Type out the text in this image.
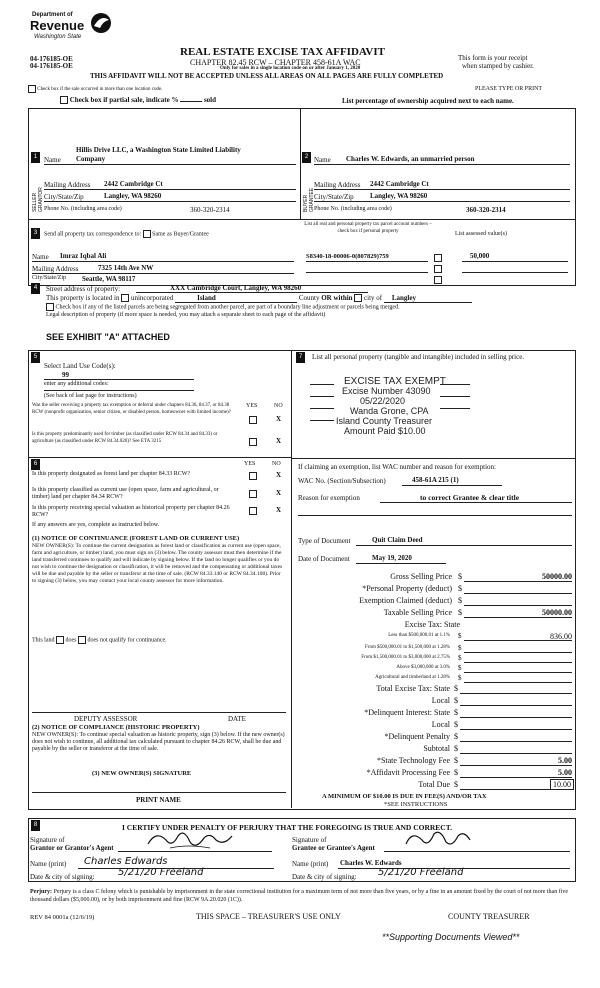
Department of
Revenue
Washington State
04-176185-OE
04-176185-OE
REAL ESTATE EXCISE TAX AFFIDAVIT
CHAPTER 82.45 RCW – CHAPTER 458-61A WAC
Only for sales in a single location code on or after January 1, 2020
This form is your receipt
when stamped by cashier.
THIS AFFIDAVIT WILL NOT BE ACCEPTED UNLESS ALL AREAS ON ALL PAGES ARE FULLY COMPLETED
Check box if the sale occurred in more than one location code.	PLEASE TYPE OR PRINT
Check box if partial sale, indicate %	sold	List percentage of ownership acquired next to each name.
1
SELLER GRANTOR
Hillis Drive LLC, a Washington State Limited Liability
Name Company
Mailing Address 2442 Cambridge Ct
City/State/Zip	Langley, WA 98260
Phone No. (including area code)	360-320-2314
2
BUYER GRANTEE
Name Charles W. Edwards, an unmarried person
Mailing Address 2442 Cambridge Ct
City/State/Zip Langley, WA 98260
Phone No. (including area code)	360-320-2314
3	Send all property tax correspondence to: Same as Buyer/Grantee
Name Imraz Iqbal Ali
Mailing Address	7325 14th Ave NW
City/State/Zip Seattle, WA 98117
List all real and personal property tax parcel account numbers – check box if personal property	List assessed value(s)
S8340-18-00006-0(807829)759	50,000
4	Street address of property:	XXX Cambridge Court, Langley, WA 98260
This property is located in unincorporated	Island	County OR within city of Langley
Check box if any of the listed parcels are being segregated from another parcel, are part of a boundary line adjustment or parcels being merged.
Legal description of property (if more space is needed, you may attach a separate sheet to each page of the affidavit)
SEE EXHIBIT "A" ATTACHED
5
Select Land Use Code(s):
99
enter any additional codes:
(See back of last page for instructions)
YES	NO
Was the seller receiving a property tax exemption or deferral under chapters 84.36, 84.37, or 84.38 RCW (nonprofit organization, senior citizen, or disabled person, homeowner with limited income)?
X
Is this property predominantly used for timber (as classified under RCW 84.34 and 84.33) or agriculture (as classified under RCW 84.34.020)? See ETA 3215	X
6	YES	NO
Is this property designated as forest land per chapter 84.33 RCW?	X
Is this property classified as current use (open space, farm and agricultural, or timber) land per chapter 84.34 RCW?	X
Is this property receiving special valuation as historical property per chapter 84.26 RCW?
X
If any answers are yes, complete as instructed below.
(1) NOTICE OF CONTINUANCE (FOREST LAND OR CURRENT USE)
NEW OWNER(S): To continue the current designation as forest land or classification as current use (open space, farm and agriculture, or timber) land, you must sign on (3) below. The county assessor must then determine if the land transferred continues to qualify and will indicate by signing below. If the land no longer qualifies or you do not wish to continue the designation or classification, it will be removed and the compensating or additional taxes will be due and payable by the seller or transferor at the time of sale. (RCW 84.33.140 or RCW 84.34.108). Prior to signing (3) below, you may contact your local county assessor for more information.
This land does does not qualify for continuance.
DEPUTY ASSESSOR	DATE
(2) NOTICE OF COMPLIANCE (HISTORIC PROPERTY)
NEW OWNER(S): To continue special valuation as historic property, sign (3) below. If the new owner(s) does not wish to continue, all additional tax calculated pursuant to chapter 84.26 RCW, shall be due and payable by the seller or transferor at the time of sale.
(3) NEW OWNER(S) SIGNATURE
PRINT NAME
7	List all personal property (tangible and intangible) included in selling price.
EXCISE TAX EXEMPT
Excise Number 43090
05/22/2020
Wanda Grone, CPA
Island County Treasurer
Amount Paid $10.00
If claiming an exemption, list WAC number and reason for exemption:
WAC No. (Section/Subsection)	458-61A 215 (1)
Reason for exemption	to correct Grantee & clear title
Type of Document	Quit Claim Deed
Date of Document	May 19, 2020
Gross Selling Price $	50000.00
*Personal Property (deduct) $
Exemption Claimed (deduct) $
Taxable Selling Price $	50000.00
Excise Tax: State
Less than $500,000.01 at 1.1% $	836.00
From $500,000.01 to $1,500,000 at 1.28% $
From $1,500,000.01 to $3,000,000 at 2.75% $
Above $3,000,000 at 3.0% $
Agricultural and timberland at 1.28% $
Total Excise Tax: State $
Local $
*Delinquent Interest: State $
Local $
*Delinquent Penalty $
Subtotal $
*State Technology Fee $	5.00
*Affidavit Processing Fee $	5.00
Total Due $	10.00
A MINIMUM OF $10.00 IS DUE IN FEE(S) AND/OR TAX
*SEE INSTRUCTIONS
8	I CERTIFY UNDER PENALTY OF PERJURY THAT THE FOREGOING IS TRUE AND CORRECT.
Signature of
Grantor or Grantor's Agent
Signature of
Grantee or Grantee's Agent
Name (print) Charles Edwards	Name (print) Charles W. Edwards
Date & city of signing: 5/21/20 Freeland	Date & city of signing: 5/21/20 Freeland
Perjury: Perjury is a class C felony which is punishable by imprisonment in the state correctional institution for a maximum term of not more than five years, or by a fine in an amount fixed by the court of not more than five thousand dollars ($5,000.00), or by both imprisonment and fine (RCW 9A.20.020 (1C)).
REV 84 0001a (12/6/19)	THIS SPACE – TREASURER'S USE ONLY	COUNTY TREASURER
**Supporting Documents Viewed**
